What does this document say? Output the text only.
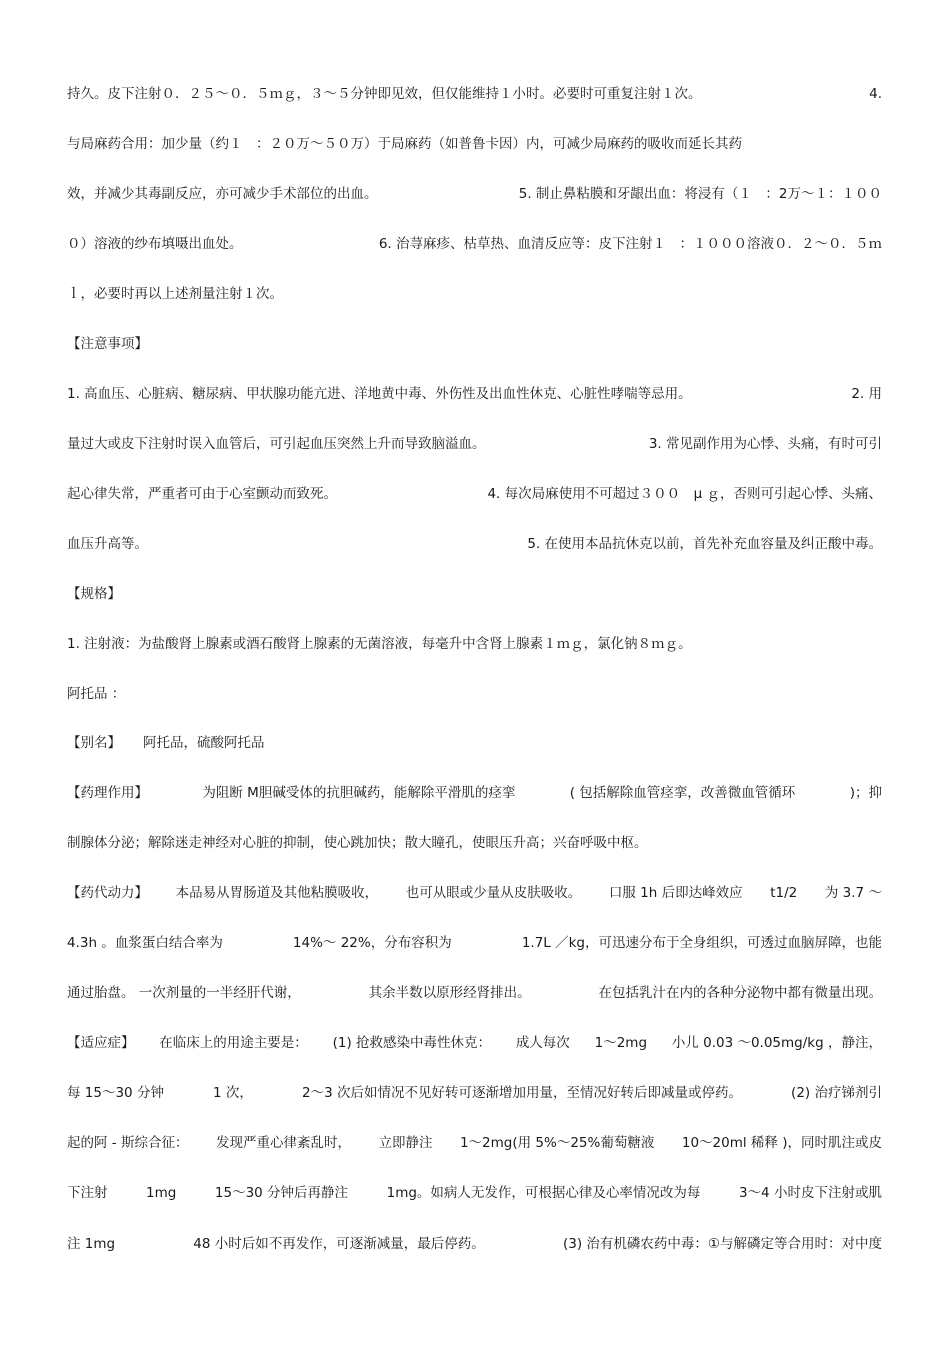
持久。皮下注射０．２５～０．５ｍｇ，３～５分钟即见效，但仅能维持１小时。必要时可重复注射１次。	4.
与局麻药合用：加少量（约１　：２０万～５０万）于局麻药（如普鲁卡因）内，可减少局麻药的吸收而延长其药
效，并减少其毒副反应，亦可减少手术部位的出血。	5. 制止鼻粘膜和牙龈出血：将浸有（１　：2万～１：１００
０）溶液的纱布填嗫出血处。	6. 治荨麻疹、枯草热、血清反应等：皮下注射１　：１０００溶液０．２～０．５ｍ
ｌ，必要时再以上述剂量注射１次。
【注意事项】
1. 高血压、心脏病、糖尿病、甲状腺功能亢进、洋地黄中毒、外伤性及出血性休克、心脏性哮喘等忌用。	2. 用
量过大或皮下注射时误入血管后，可引起血压突然上升而导致脑溢血。	3. 常见副作用为心悸、头痛，有时可引
起心律失常，严重者可由于心室颤动而致死。	4. 每次局麻使用不可超过３００　μ ｇ，否则可引起心悸、头痛、
血压升高等。	5. 在使用本品抗休克以前，首先补充血容量及纠正酸中毒。
【规格】
1. 注射液：为盐酸肾上腺素或酒石酸肾上腺素的无菌溶液，每毫升中含肾上腺素１ｍｇ，氯化钠８ｍｇ。
阿托品 ：
【别名】 阿托品，硫酸阿托品
【药理作用】	为阻断 M胆碱受体的抗胆碱药，能解除平滑肌的痉挛	( 包括解除血管痉挛，改善微血管循环	)；抑
制腺体分泌；解除迷走神经对心脏的抑制，使心跳加快；散大瞳孔，使眼压升高；兴奋呼吸中枢。
【药代动力】 本品易从胃肠道及其他粘膜吸收， 也可从眼或少量从皮肤吸收。 口服 1h 后即达峰效应 t1/2 为 3.7 ～
4.3h 。血浆蛋白结合率为	14%～ 22%，分布容积为	1.7L ／kg，可迅速分布于全身组织，可透过血脑屏障，也能
通过胎盘。 一次剂量的一半经肝代谢，	其余半数以原形经肾排出。	在包括乳汁在内的各种分泌物中都有微量出现。
【适应症】 在临床上的用途主要是： (1) 抢救感染中毒性休克： 成人每次 1～2mg 小儿 0.03 ～0.05mg/kg ，静注，
每 15～30 分钟	1 次，	2～3 次后如情况不见好转可逐渐增加用量，至情况好转后即减量或停药。	(2) 治疗锑剂引
起的阿 - 斯综合征： 发现严重心律紊乱时， 立即静注 1～2mg(用 5%～25%葡萄糖液 10～20ml 稀释 )，同时肌注或皮
下注射	1mg	15～30 分钟后再静注	1mg。如病人无发作，可根据心律及心率情况改为每	3～4 小时皮下注射或肌
注 1mg	48 小时后如不再发作，可逐渐减量，最后停药。	(3) 治有机磷农药中毒：①与解磷定等合用时：对中度
